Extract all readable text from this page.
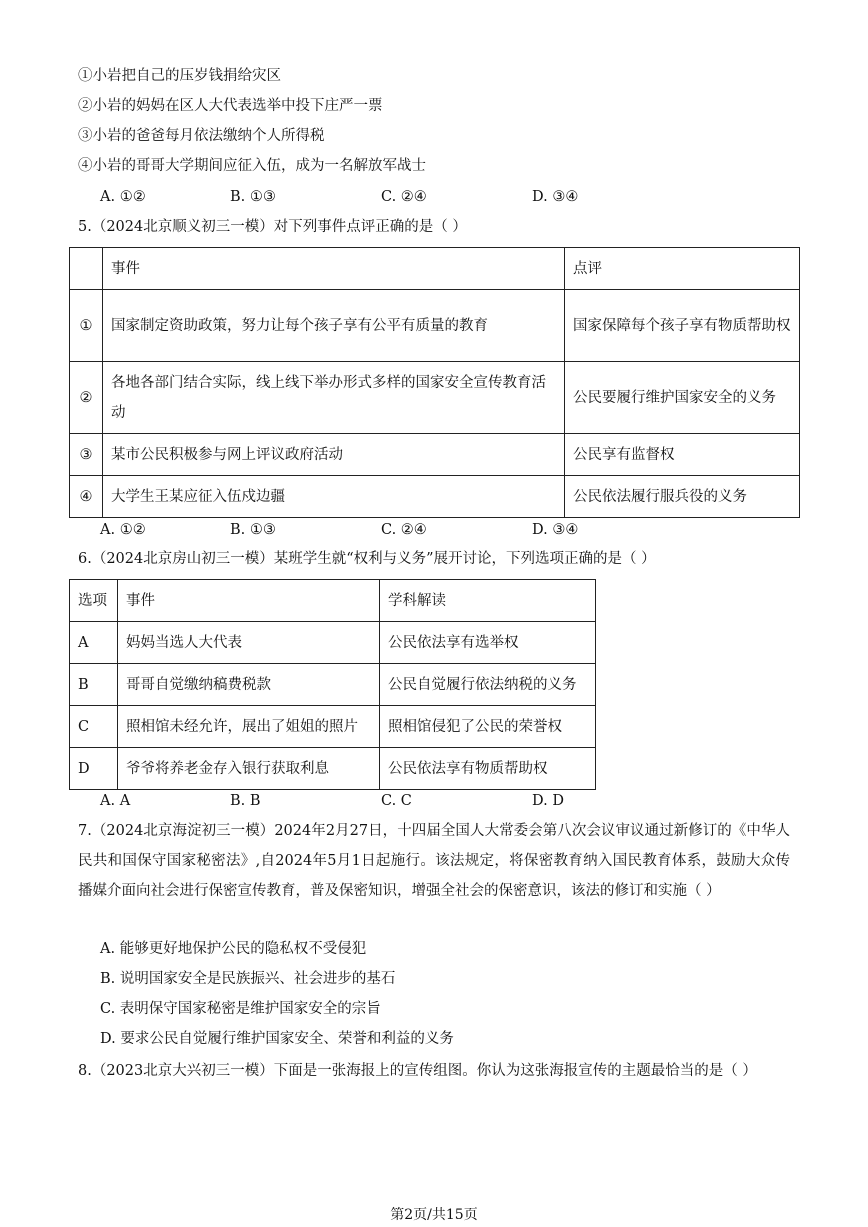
①小岩把自己的压岁钱捐给灾区
②小岩的妈妈在区人大代表选举中投下庄严一票
③小岩的爸爸每月依法缴纳个人所得税
④小岩的哥哥大学期间应征入伍，成为一名解放军战士
A. ①②	B. ①③	C. ②④	D. ③④
5.（2024北京顺义初三一模）对下列事件点评正确的是（ ）
	事件	点评
①	国家制定资助政策，努力让每个孩子享有公平有质量的教育	国家保障每个孩子享有物质帮助权
②	各地各部门结合实际，线上线下举办形式多样的国家安全宣传教育活动	公民要履行维护国家安全的义务
③	某市公民积极参与网上评议政府活动	公民享有监督权
④	大学生王某应征入伍戍边疆	公民依法履行服兵役的义务
A. ①②	B. ①③	C. ②④	D. ③④
6.（2024北京房山初三一模）某班学生就“权利与义务”展开讨论，下列选项正确的是（ ）
选项	事件	学科解读
A	妈妈当选人大代表	公民依法享有选举权
B	哥哥自觉缴纳稿费税款	公民自觉履行依法纳税的义务
C	照相馆未经允许，展出了姐姐的照片	照相馆侵犯了公民的荣誉权
D	爷爷将养老金存入银行获取利息	公民依法享有物质帮助权
A. A	B. B	C. C	D. D
7.（2024北京海淀初三一模）2024年2月27日，十四届全国人大常委会第八次会议审议通过新修订的《中华人民共和国保守国家秘密法》,自2024年5月1日起施行。该法规定，将保密教育纳入国民教育体系，鼓励大众传播媒介面向社会进行保密宣传教育，普及保密知识，增强全社会的保密意识，该法的修订和实施（ ）
A. 能够更好地保护公民的隐私权不受侵犯
B. 说明国家安全是民族振兴、社会进步的基石
C. 表明保守国家秘密是维护国家安全的宗旨
D. 要求公民自觉履行维护国家安全、荣誉和利益的义务
8.（2023北京大兴初三一模）下面是一张海报上的宣传组图。你认为这张海报宣传的主题最恰当的是（ ）
第2页/共15页
